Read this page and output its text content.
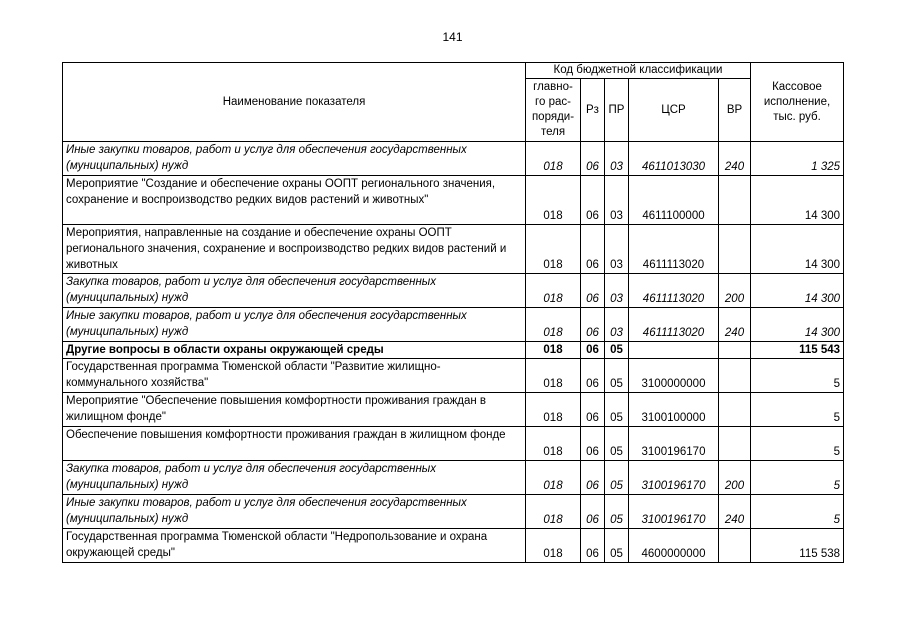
141
Наименование показателя	Код бюджетной классификации					Кассовое исполнение, тыс. руб.
	главно-го рас-поряди-теля	Рз	ПР	ЦСР	ВР	
Иные закупки товаров, работ и услуг для обеспечения государственных (муниципальных) нужд	018	06	03	4611013030	240	1 325
Мероприятие "Создание и обеспечение охраны ООПТ регионального значения, сохранение и воспроизводство редких видов растений и животных"	018	06	03	4611100000		14 300
Мероприятия, направленные на создание и обеспечение охраны ООПТ регионального значения, сохранение и воспроизводство редких видов растений и животных	018	06	03	4611113020		14 300
Закупка товаров, работ и услуг для обеспечения государственных (муниципальных) нужд	018	06	03	4611113020	200	14 300
Иные закупки товаров, работ и услуг для обеспечения государственных (муниципальных) нужд	018	06	03	4611113020	240	14 300
Другие вопросы в области охраны окружающей среды	018	06	05			115 543
Государственная программа Тюменской области "Развитие жилищно-коммунального хозяйства"	018	06	05	3100000000		5
Мероприятие "Обеспечение повышения комфортности проживания граждан в жилищном фонде"	018	06	05	3100100000		5
Обеспечение повышения комфортности проживания граждан в жилищном фонде	018	06	05	3100196170		5
Закупка товаров, работ и услуг для обеспечения государственных (муниципальных) нужд	018	06	05	3100196170	200	5
Иные закупки товаров, работ и услуг для обеспечения государственных (муниципальных) нужд	018	06	05	3100196170	240	5
Государственная программа Тюменской области "Недропользование и охрана окружающей среды"	018	06	05	4600000000		115 538
